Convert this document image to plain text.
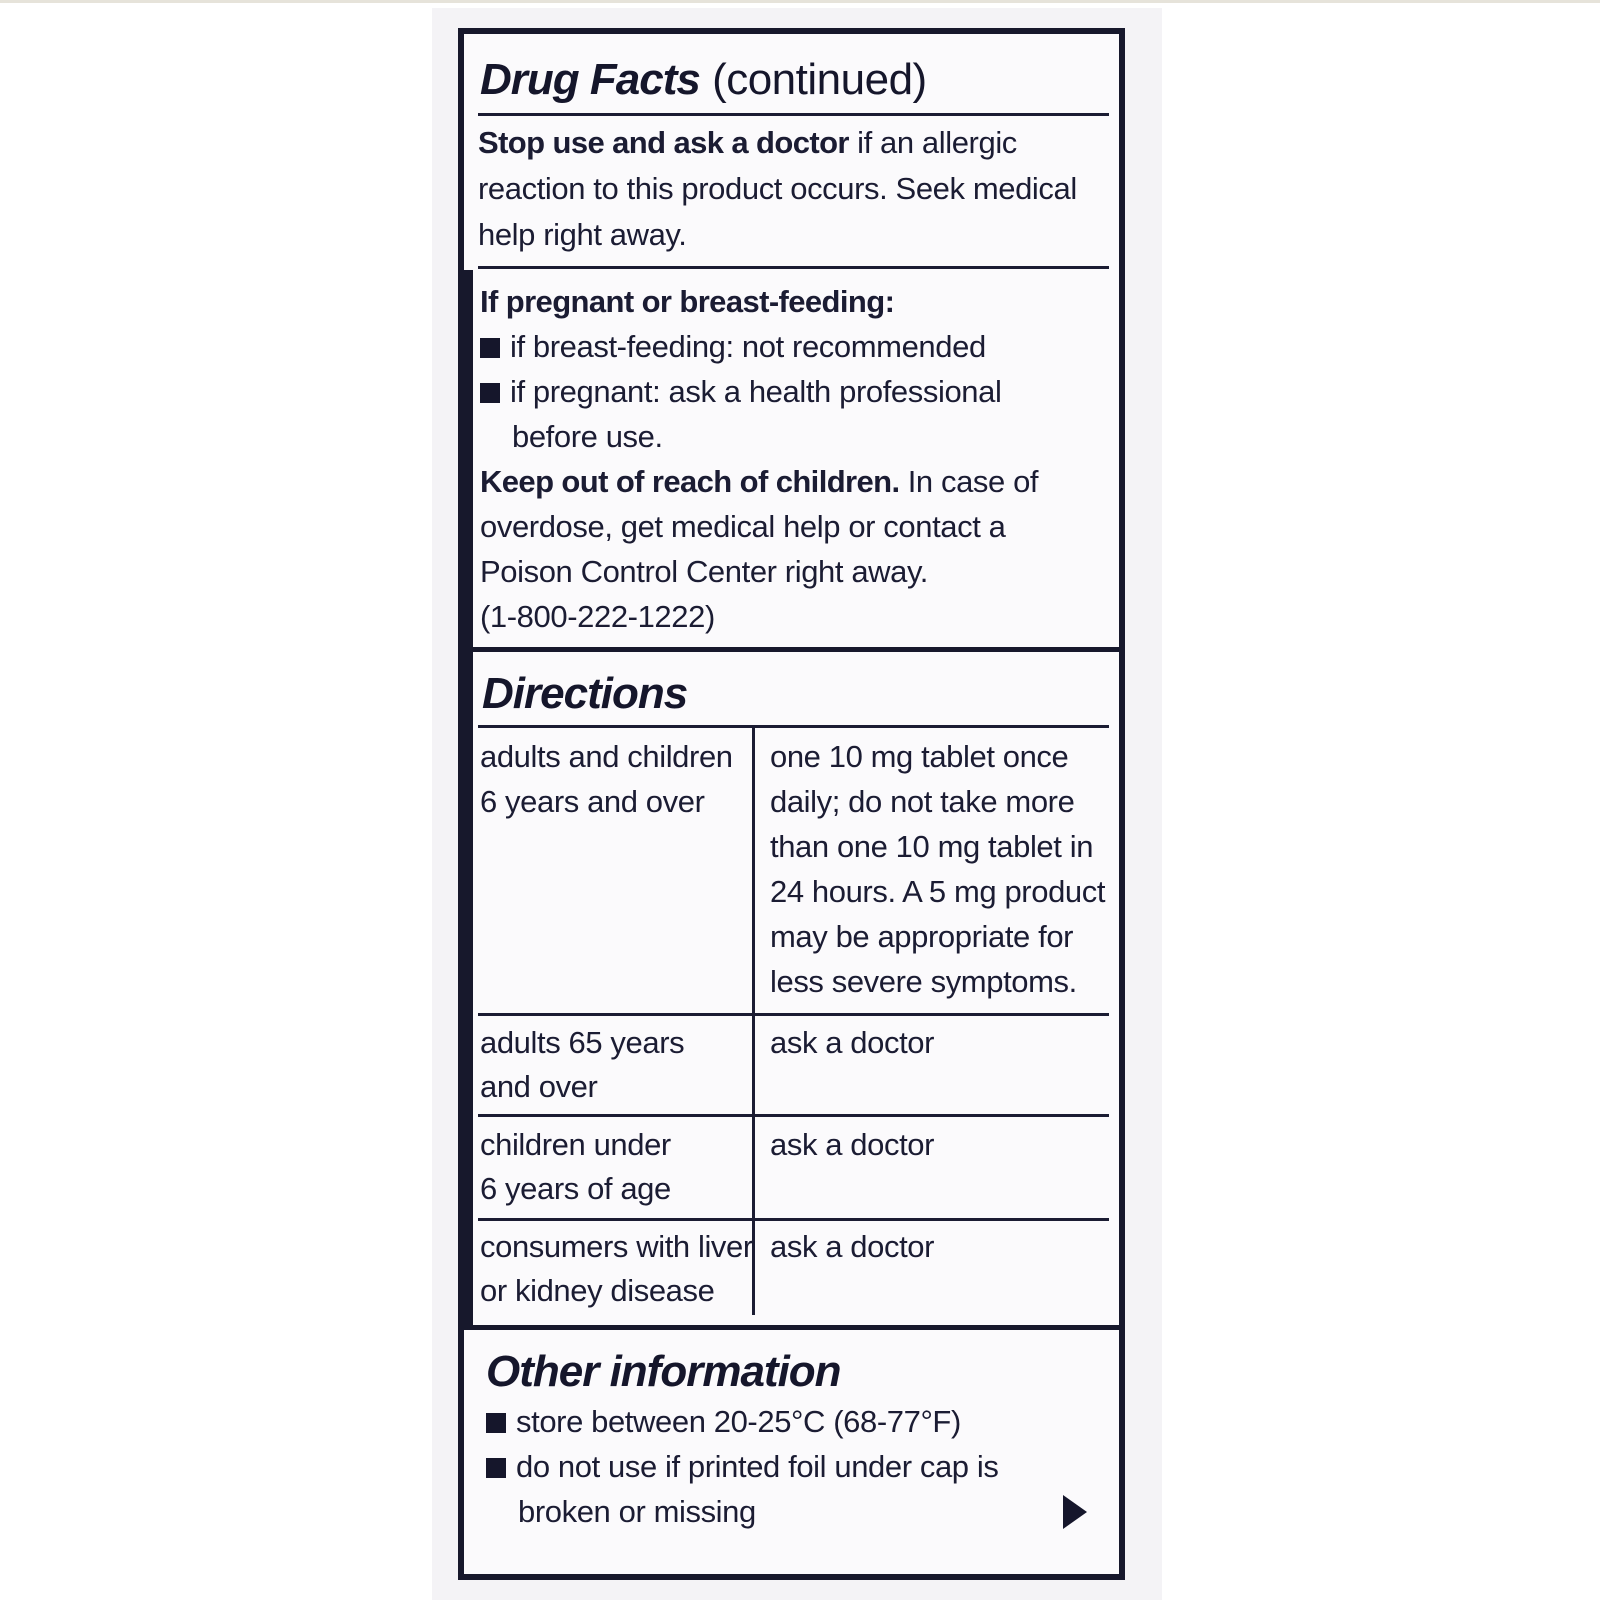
Drug Facts (continued)
Stop use and ask a doctor if an allergic
reaction to this product occurs. Seek medical
help right away.
If pregnant or breast-feeding:
if breast-feeding: not recommended
if pregnant: ask a health professional
before use.
Keep out of reach of children. In case of
overdose, get medical help or contact a
Poison Control Center right away.
(1-800-222-1222)
Directions
adults and children
6 years and over
one 10 mg tablet once
daily; do not take more
than one 10 mg tablet in
24 hours. A 5 mg product
may be appropriate for
less severe symptoms.
adults 65 years
and over
ask a doctor
children under
6 years of age
ask a doctor
consumers with liver
or kidney disease
ask a doctor
Other information
store between 20-25°C (68-77°F)
do not use if printed foil under cap is
broken or missing
